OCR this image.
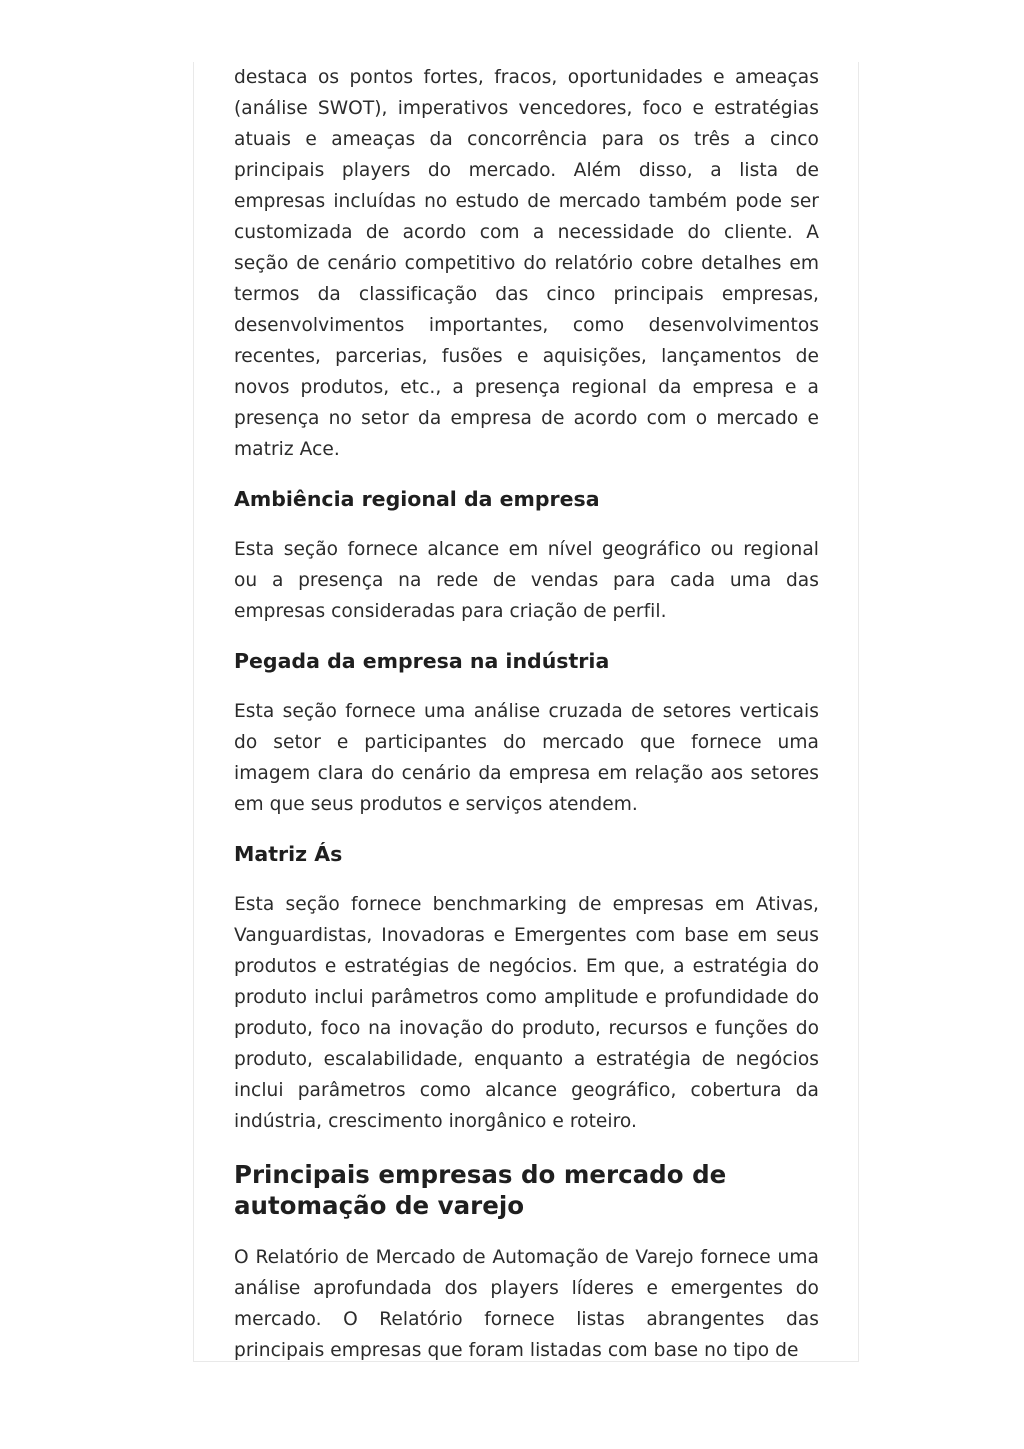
destaca os pontos fortes, fracos, oportunidades e ameaças (análise SWOT), imperativos vencedores, foco e estratégias atuais e ameaças da concorrência para os três a cinco principais players do mercado. Além disso, a lista de empresas incluídas no estudo de mercado também pode ser customizada de acordo com a necessidade do cliente. A seção de cenário competitivo do relatório cobre detalhes em termos da classificação das cinco principais empresas, desenvolvimentos importantes, como desenvolvimentos recentes, parcerias, fusões e aquisições, lançamentos de novos produtos, etc., a presença regional da empresa e a presença no setor da empresa de acordo com o mercado e matriz Ace.

Ambiência regional da empresa

Esta seção fornece alcance em nível geográfico ou regional ou a presença na rede de vendas para cada uma das empresas consideradas para criação de perfil.

Pegada da empresa na indústria

Esta seção fornece uma análise cruzada de setores verticais do setor e participantes do mercado que fornece uma imagem clara do cenário da empresa em relação aos setores em que seus produtos e serviços atendem.

Matriz Ás

Esta seção fornece benchmarking de empresas em Ativas, Vanguardistas, Inovadoras e Emergentes com base em seus produtos e estratégias de negócios. Em que, a estratégia do produto inclui parâmetros como amplitude e profundidade do produto, foco na inovação do produto, recursos e funções do produto, escalabilidade, enquanto a estratégia de negócios inclui parâmetros como alcance geográfico, cobertura da indústria, crescimento inorgânico e roteiro.

Principais empresas do mercado de automação de varejo

O Relatório de Mercado de Automação de Varejo fornece uma análise aprofundada dos players líderes e emergentes do mercado. O Relatório fornece listas abrangentes das principais empresas que foram listadas com base no tipo de
